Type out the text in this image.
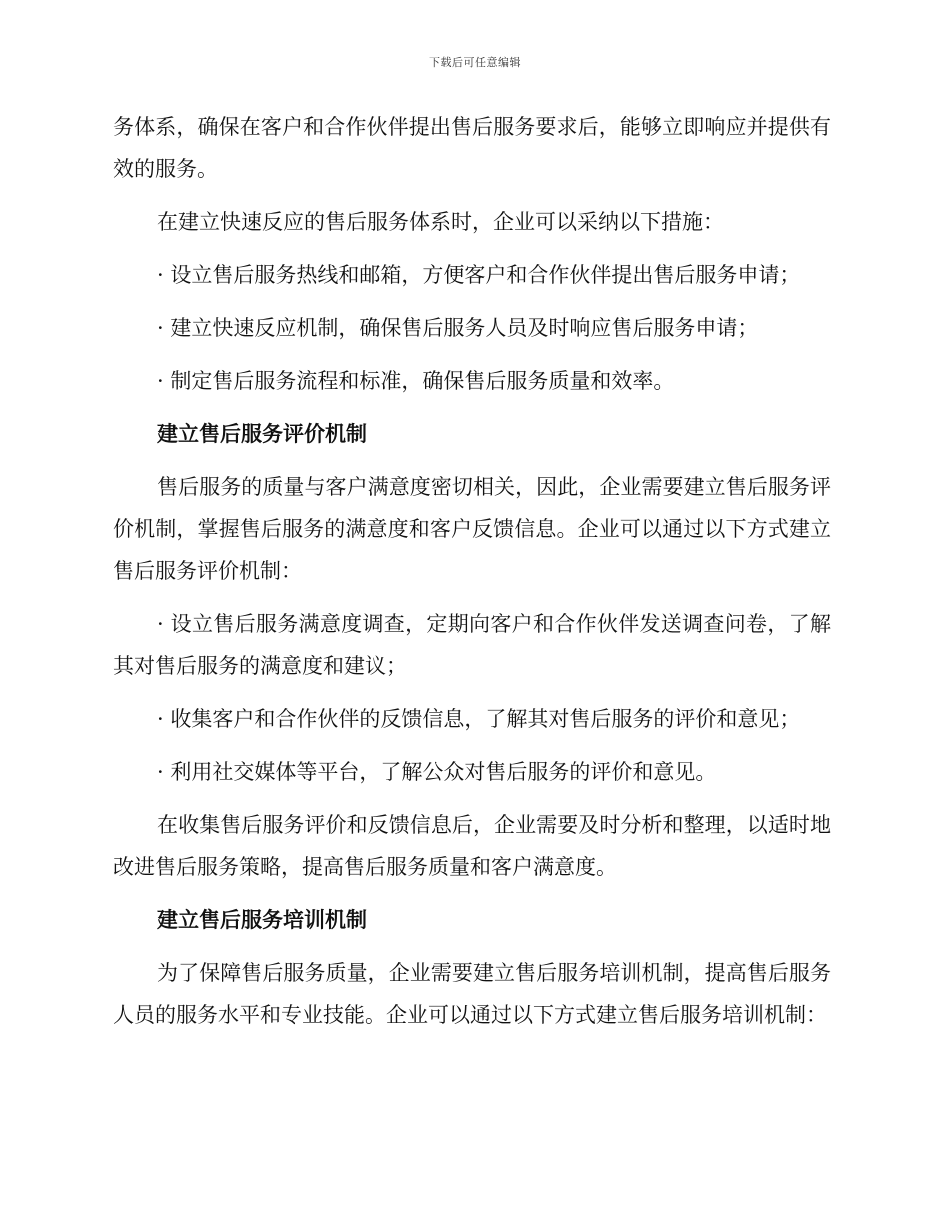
下载后可任意编辑

务体系，确保在客户和合作伙伴提出售后服务要求后，能够立即响应并提供有效的服务。

在建立快速反应的售后服务体系时，企业可以采纳以下措施：

· 设立售后服务热线和邮箱，方便客户和合作伙伴提出售后服务申请；

· 建立快速反应机制，确保售后服务人员及时响应售后服务申请；

· 制定售后服务流程和标准，确保售后服务质量和效率。

建立售后服务评价机制

售后服务的质量与客户满意度密切相关，因此，企业需要建立售后服务评价机制，掌握售后服务的满意度和客户反馈信息。企业可以通过以下方式建立售后服务评价机制：

· 设立售后服务满意度调查，定期向客户和合作伙伴发送调查问卷，了解其对售后服务的满意度和建议；

· 收集客户和合作伙伴的反馈信息，了解其对售后服务的评价和意见；

· 利用社交媒体等平台，了解公众对售后服务的评价和意见。

在收集售后服务评价和反馈信息后，企业需要及时分析和整理，以适时地改进售后服务策略，提高售后服务质量和客户满意度。

建立售后服务培训机制

为了保障售后服务质量，企业需要建立售后服务培训机制，提高售后服务人员的服务水平和专业技能。企业可以通过以下方式建立售后服务培训机制：
